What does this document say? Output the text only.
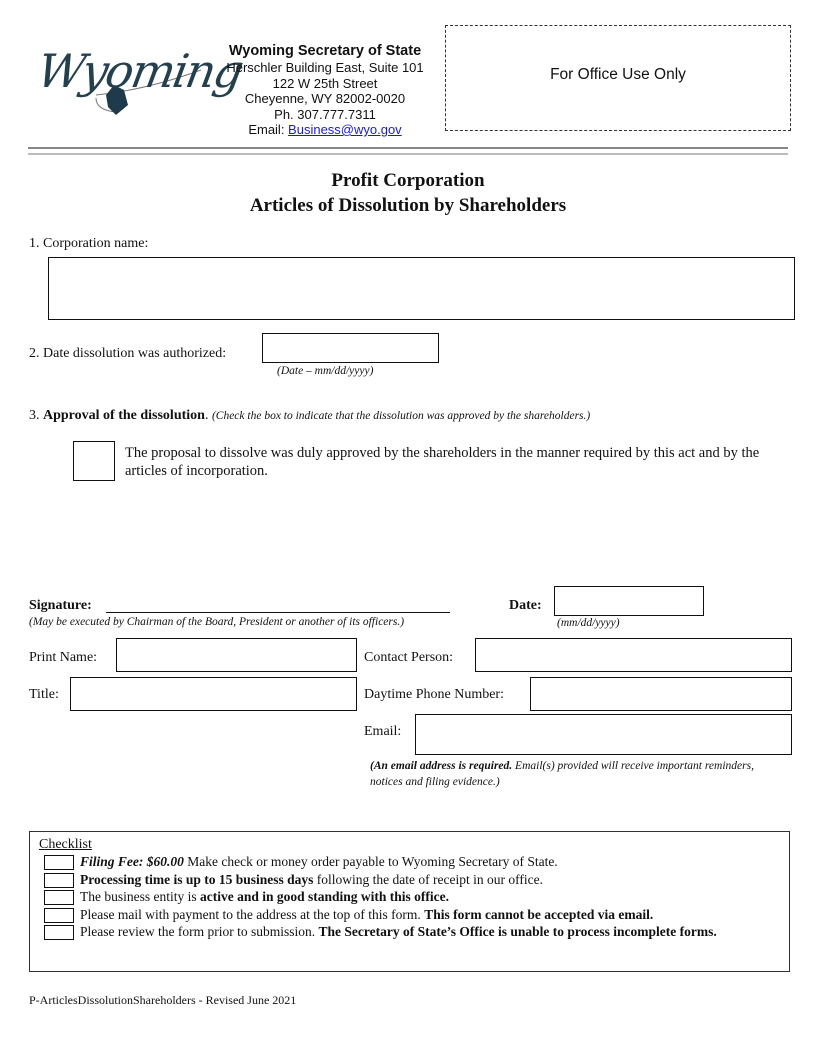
Wyoming
Wyoming Secretary of State
Herschler Building East, Suite 101
122 W 25th Street
Cheyenne, WY 82002-0020
Ph. 307.777.7311
Email: Business@wyo.gov
For Office Use Only
Profit Corporation
Articles of Dissolution by Shareholders
1. Corporation name:
2. Date dissolution was authorized:
(Date – mm/dd/yyyy)
3. Approval of the dissolution. (Check the box to indicate that the dissolution was approved by the shareholders.)
The proposal to dissolve was duly approved by the shareholders in the manner required by this act and by the articles of incorporation.
Signature:
(May be executed by Chairman of the Board, President or another of its officers.)
Date:
(mm/dd/yyyy)
Print Name:
Title:
Contact Person:
Daytime Phone Number:
Email:
(An email address is required. Email(s) provided will receive important reminders, notices and filing evidence.)
Checklist
Filing Fee: $60.00 Make check or money order payable to Wyoming Secretary of State.
Processing time is up to 15 business days following the date of receipt in our office.
The business entity is active and in good standing with this office.
Please mail with payment to the address at the top of this form. This form cannot be accepted via email.
Please review the form prior to submission. The Secretary of State’s Office is unable to process incomplete forms.
P-ArticlesDissolutionShareholders - Revised June 2021
